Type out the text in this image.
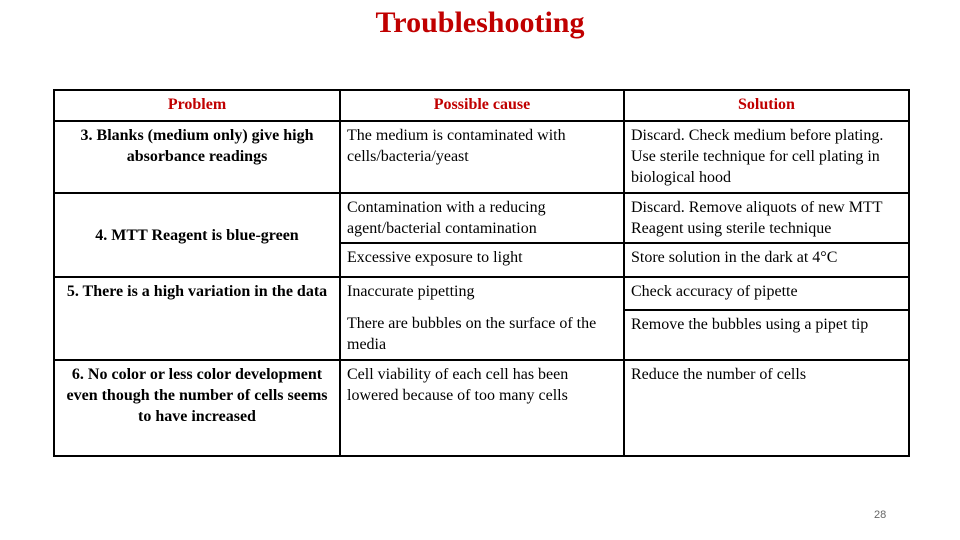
Troubleshooting
Problem	Possible cause	Solution
3. Blanks (medium only) give high absorbance readings	The medium is contaminated with cells/bacteria/yeast	Discard. Check medium before plating. Use sterile technique for cell plating in biological hood
4. MTT Reagent is blue-green	Contamination with a reducing agent/bacterial contamination	Discard. Remove aliquots of new MTT Reagent using sterile technique
	Excessive exposure to light	Store solution in the dark at 4°C
5. There is a high variation in the data	Inaccurate pipetting	Check accuracy of pipette
	There are bubbles on the surface of the media	Remove the bubbles using a pipet tip
6. No color or less color development even though the number of cells seems to have increased	Cell viability of each cell has been lowered because of too many cells	Reduce the number of cells
28
